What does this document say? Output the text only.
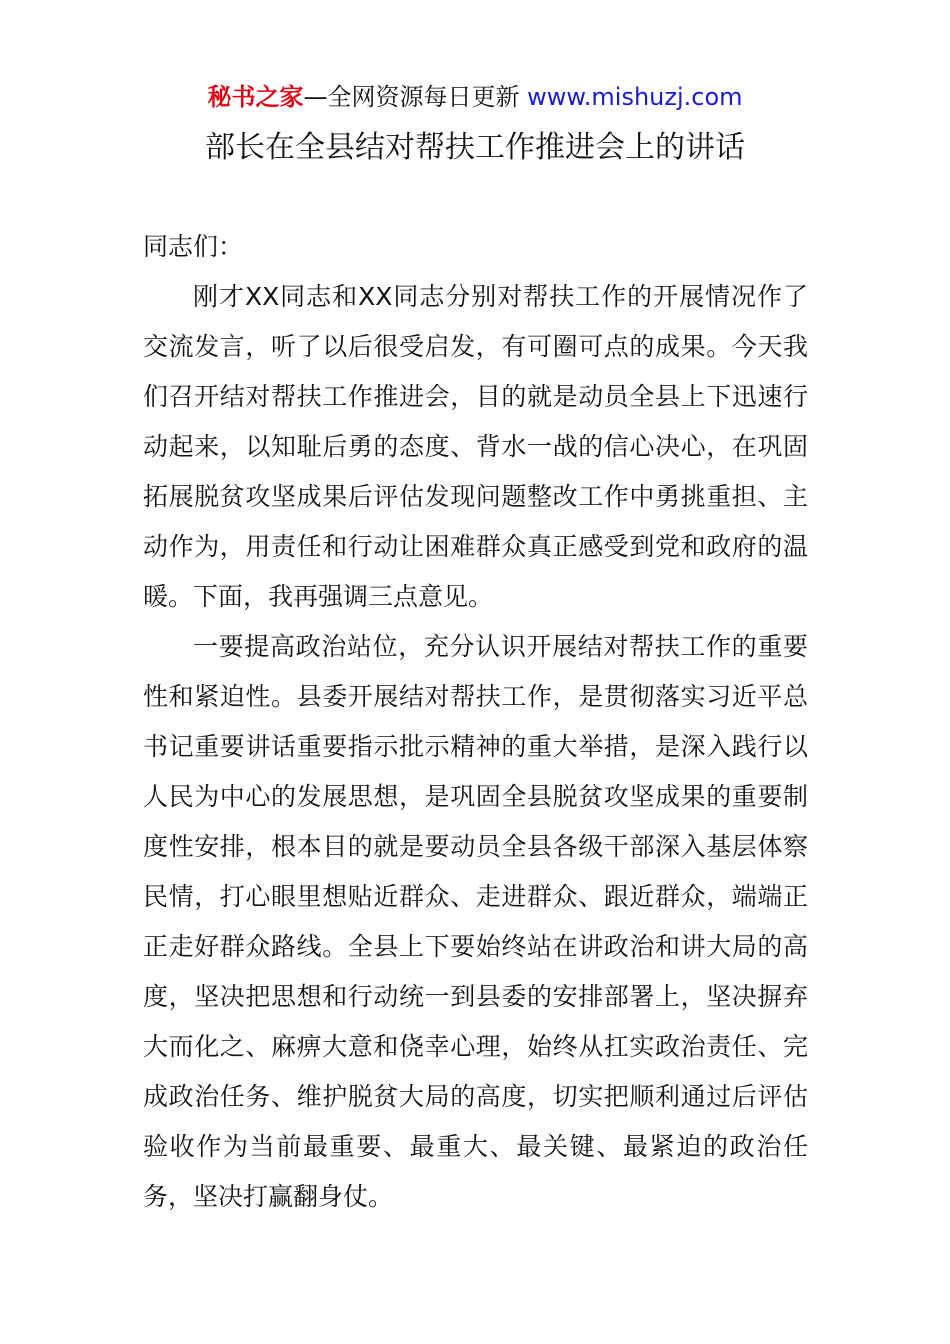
秘书之家—全网资源每日更新 www.mishuzj.com
部长在全县结对帮扶工作推进会上的讲话

同志们：

刚才XX同志和XX同志分别对帮扶工作的开展情况作了交流发言，听了以后很受启发，有可圈可点的成果。今天我们召开结对帮扶工作推进会，目的就是动员全县上下迅速行动起来，以知耻后勇的态度、背水一战的信心决心，在巩固拓展脱贫攻坚成果后评估发现问题整改工作中勇挑重担、主动作为，用责任和行动让困难群众真正感受到党和政府的温暖。下面，我再强调三点意见。

一要提高政治站位，充分认识开展结对帮扶工作的重要性和紧迫性。县委开展结对帮扶工作，是贯彻落实习近平总书记重要讲话重要指示批示精神的重大举措，是深入践行以人民为中心的发展思想，是巩固全县脱贫攻坚成果的重要制度性安排，根本目的就是要动员全县各级干部深入基层体察民情，打心眼里想贴近群众、走进群众、跟近群众，端端正正走好群众路线。全县上下要始终站在讲政治和讲大局的高度，坚决把思想和行动统一到县委的安排部署上，坚决摒弃大而化之、麻痹大意和侥幸心理，始终从扛实政治责任、完成政治任务、维护脱贫大局的高度，切实把顺利通过后评估验收作为当前最重要、最重大、最关键、最紧迫的政治任务，坚决打赢翻身仗。
